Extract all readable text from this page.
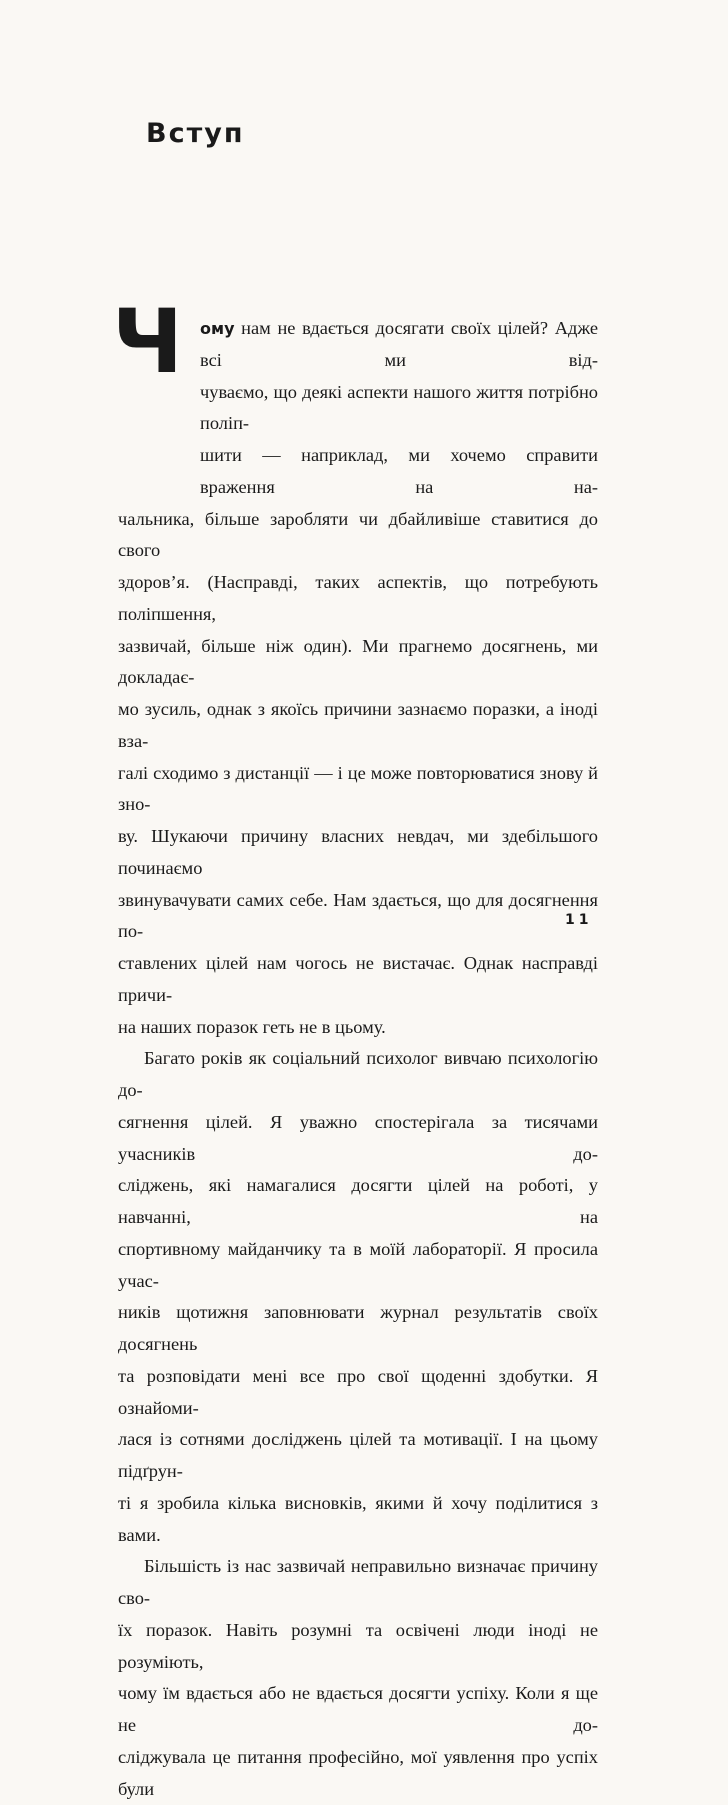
Вступ
Ч	ому нам не вдається досягати своїх цілей? Адже всі ми від-

чуваємо, що деякі аспекти нашого життя потрібно поліп-

шити — наприклад, ми хочемо справити враження на на-

чальника, більше заробляти чи дбайливіше ставитися до свого

здоров’я. (Насправді, таких аспектів, що потребують поліпшення,

зазвичай, більше ніж один). Ми прагнемо досягнень, ми докладає-

мо зусиль, однак з якоїсь причини зазнаємо поразки, а іноді взa-

галі сходимо з дистанції — і це може повторюватися знову й зно-

ву. Шукаючи причину власних невдач, ми здебільшого починаємо

звинувачувати самих себе. Нам здається, що для досягнення по-

ставлених цілей нам чогось не вистачає. Однак насправді причи-

на наших поразок геть не в цьому.

Багато років як соціальний психолог вивчаю психологію до-

сягнення цілей. Я уважно спостерігала за тисячами учасників до-

сліджень, які намагалися досягти цілей на роботі, у навчанні, на

спортивному майданчику та в моїй лабораторії. Я просила учас-

ників щотижня заповнювати журнал результатів своїх досягнень

та розповідати мені все про свої щоденні здобутки. Я ознайоми-

лася із сотнями досліджень цілей та мотивації. І на цьому підґрун-

ті я зробила кілька висновків, якими й хочу поділитися з вами.

Більшість із нас зазвичай неправильно визначає причину сво-

їх поразок. Навіть розумні та освічені люди іноді не розуміють,

чому їм вдається або не вдається досягти успіху. Коли я ще не до-

сліджувала це питання професійно, мої уявлення про успіх були

11
